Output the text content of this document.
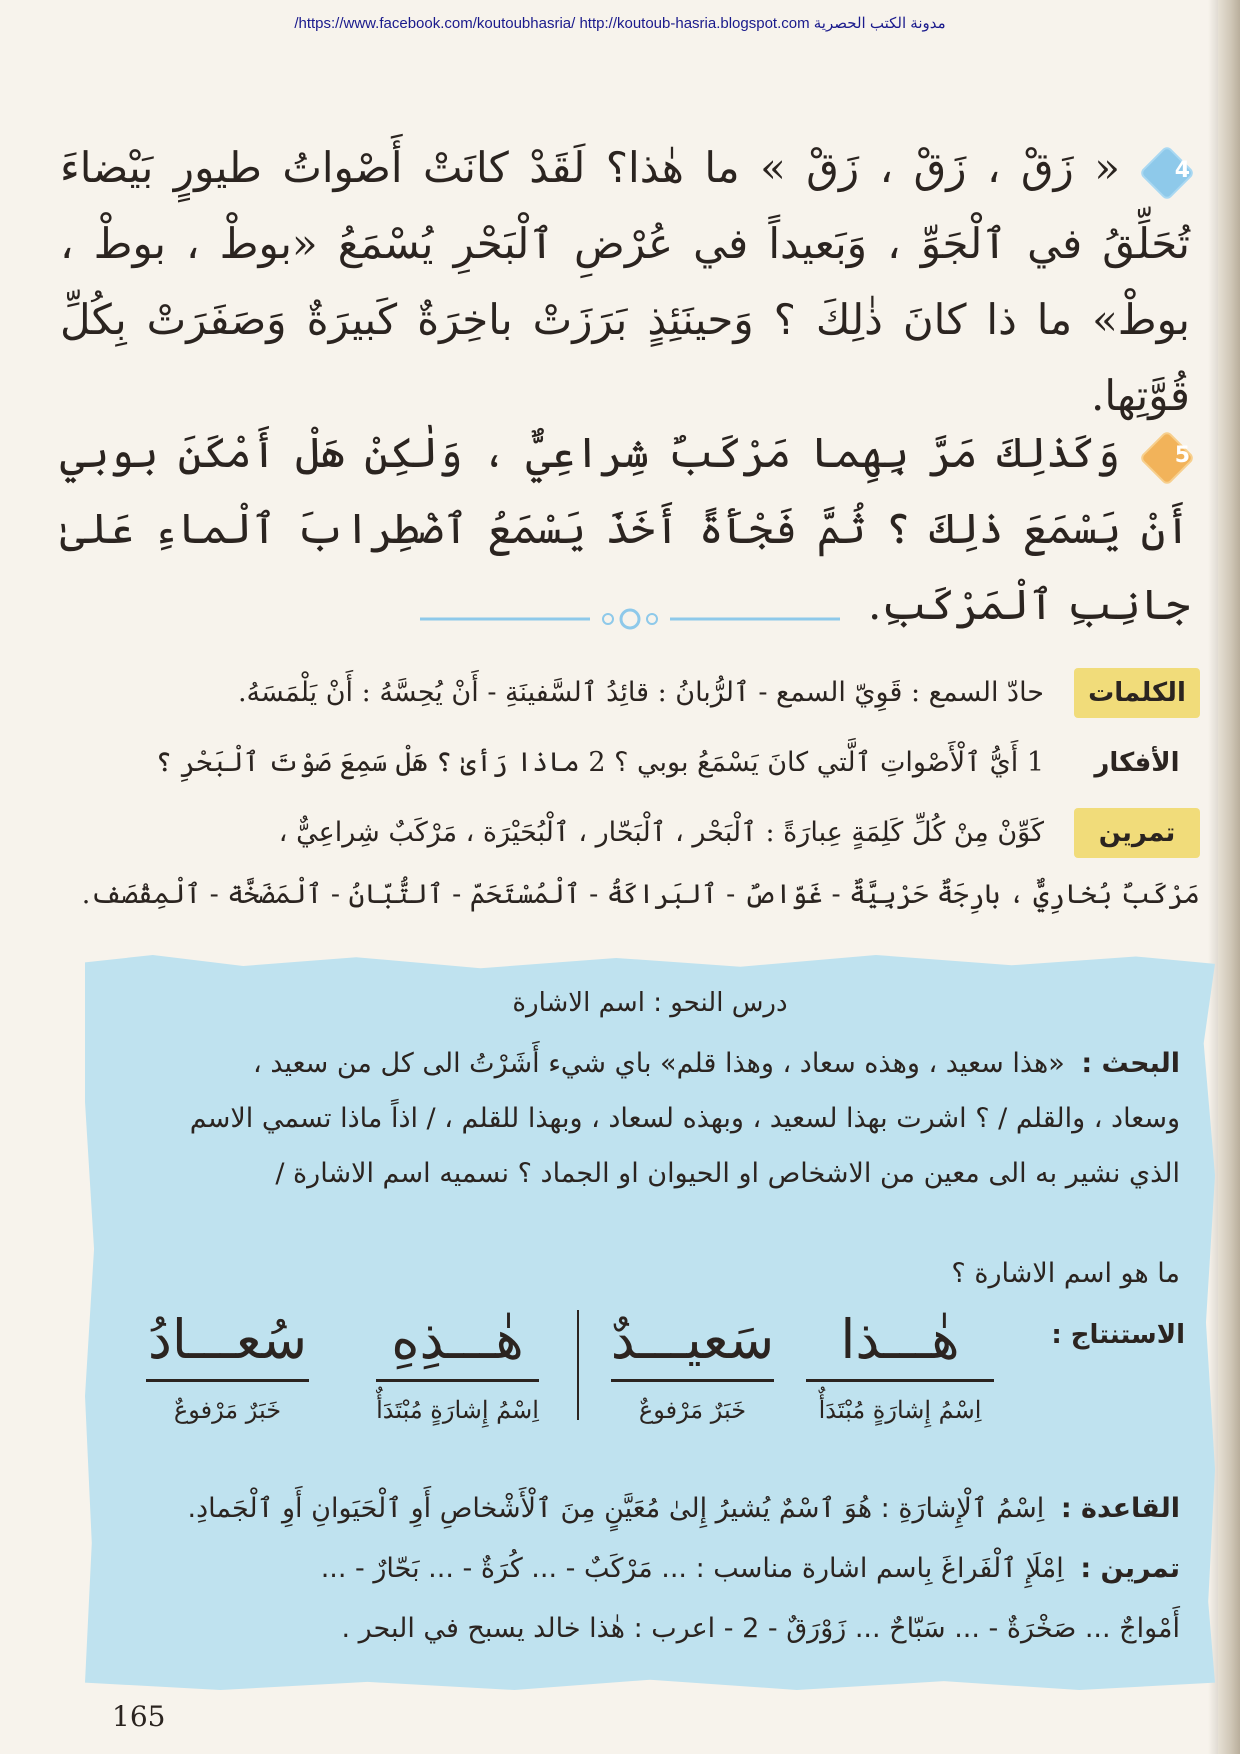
/https://www.facebook.com/koutoubhasria/ http://koutoub-hasria.blogspot.com مدونة الكتب الحصرية
4
« زَقْ ، زَقْ ، زَقْ » ما هٰذا؟ لَقَدْ كانَتْ أَصْواتُ طيورٍ بَيْضاءَ تُحَلِّقُ في ٱلْجَوِّ ، وَبَعيداً في عُرْضِ ٱلْبَحْرِ يُسْمَعُ «بوطْ ، بوطْ ، بوطْ» ما ذا كانَ ذٰلِكَ ؟ وَحينَئِذٍ بَرَزَتْ باخِرَةٌ كَبيرَةٌ وَصَفَرَتْ بِكُلِّ قُوَّتِها.
5
وَكَذٰلِكَ مَرَّ بِهِما مَرْكَبٌ شِراعِيٌّ ، وَلٰكِنْ هَلْ أَمْكَنَ بوبي أَنْ يَسْمَعَ ذٰلِكَ ؟ ثُمَّ فَجْأَةً أَخَذَ يَسْمَعُ ٱضْطِرابَ ٱلْماءِ عَلىٰ جانِبِ ٱلْمَرْكَبِ.
الكلماتحادّ السمع : قَوِيّ السمع - ٱلرُّبانُ : قائِدُ ٱلسَّفينَةِ - أَنْ يُحِسَّهُ : أَنْ يَلْمَسَهُ.
الأفكار1 أَيُّ ٱلْأَصْواتِ ٱلَّتي كانَ يَسْمَعُ بوبي ؟ 2 ماذا رَأىٰ ؟ هَلْ سَمِعَ صَوْتَ ٱلْبَحْرِ ؟
تمرينكَوِّنْ مِنْ كُلِّ كَلِمَةٍ عِبارَةً : ٱلْبَحْر ، ٱلْبَحّار ، ٱلْبُحَيْرَة ، مَرْكَبٌ شِراعِيٌّ ،
مَرْكَبٌ بُخارِيٌّ ، بارِجَةٌ حَرْبِيَّةٌ - غَوّاصٌ - ٱلبَراكَةُ - ٱلْمُسْتَحَمّ - ٱلتُّبّانُ - ٱلْمَضَخَّة - ٱلْمِقْصَف.
درس النحو : اسم الاشارة
البحث : «هذا سعيد ، وهذه سعاد ، وهذا قلم» باي شيء أَشَرْتُ الى كل من سعيد ،
وسعاد ، والقلم / ؟ اشرت بهذا لسعيد ، وبهذه لسعاد ، وبهذا للقلم ، / اذاً ماذا تسمي الاسم
الذي نشير به الى معين من الاشخاص او الحيوان او الجماد ؟ نسميه اسم الاشارة /
ما هو اسم الاشارة ؟
الاستنتاج :
هٰـــذا
اِسْمُ إِشارَةٍ مُبْتَدَأٌ
سَعيـــدٌ
خَبَرٌ مَرْفوعٌ
هٰـــذِهِ
اِسْمُ إِشارَةٍ مُبْتَدَأٌ
سُعـــادُ
خَبَرٌ مَرْفوعٌ
القاعدة : اِسْمُ ٱلْإِشارَةِ : هُوَ ٱسْمٌ يُشيرُ إِلىٰ مُعَيَّنٍ مِنَ ٱلْأَشْخاصِ أَوِ ٱلْحَيَوانِ أَوِ ٱلْجَمادِ.
تمرين : اِمْلَإِ ٱلْفَراغَ بِاسم اشارة مناسب : ... مَرْكَبٌ - ... كُرَةٌ - ... بَحّارٌ - ...
أَمْواجٌ ... صَخْرَةٌ - ... سَبّاحٌ ... زَوْرَقٌ - 2 - اعرب : هٰذا خالد يسبح في البحر .
165
